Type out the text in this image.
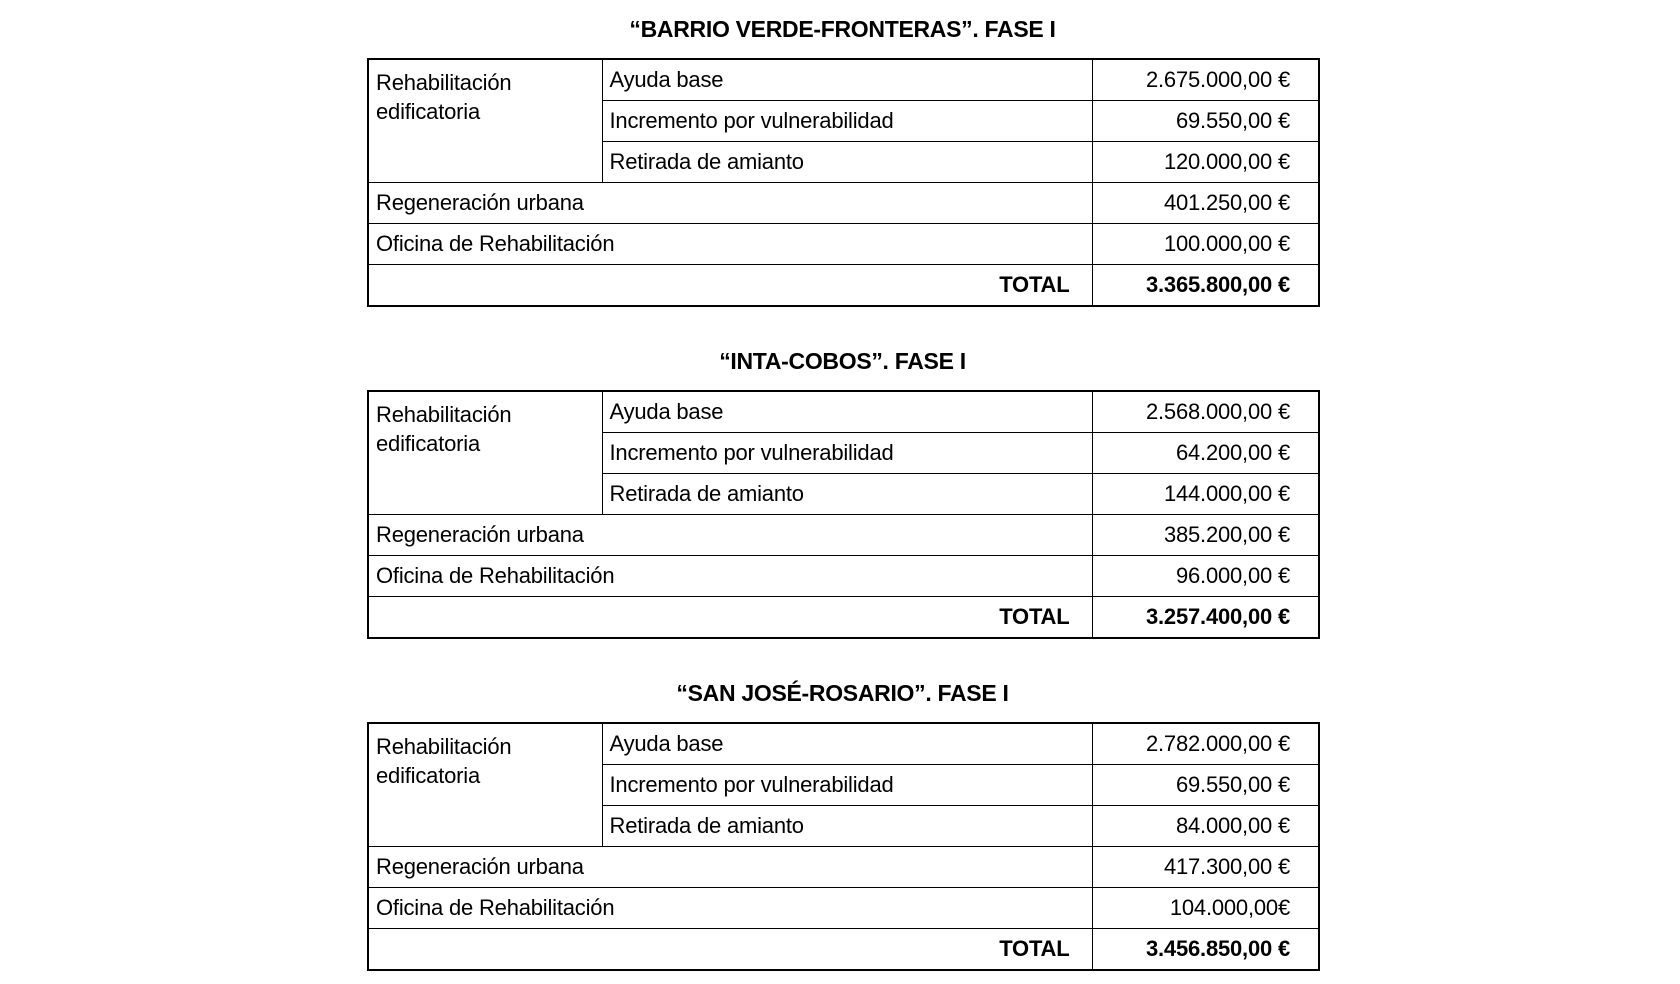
“BARRIO VERDE-FRONTERAS”. FASE I
Rehabilitación edificatoria	Ayuda base	2.675.000,00 €
	Incremento por vulnerabilidad	69.550,00 €
	Retirada de amianto	120.000,00 €
Regeneración urbana		401.250,00 €
Oficina de Rehabilitación		100.000,00 €
TOTAL		3.365.800,00 €
“INTA-COBOS”. FASE I
Rehabilitación edificatoria	Ayuda base	2.568.000,00 €
	Incremento por vulnerabilidad	64.200,00 €
	Retirada de amianto	144.000,00 €
Regeneración urbana		385.200,00 €
Oficina de Rehabilitación		96.000,00 €
TOTAL		3.257.400,00 €
“SAN JOSÉ-ROSARIO”. FASE I
Rehabilitación edificatoria	Ayuda base	2.782.000,00 €
	Incremento por vulnerabilidad	69.550,00 €
	Retirada de amianto	84.000,00 €
Regeneración urbana		417.300,00 €
Oficina de Rehabilitación		104.000,00€
TOTAL		3.456.850,00 €
